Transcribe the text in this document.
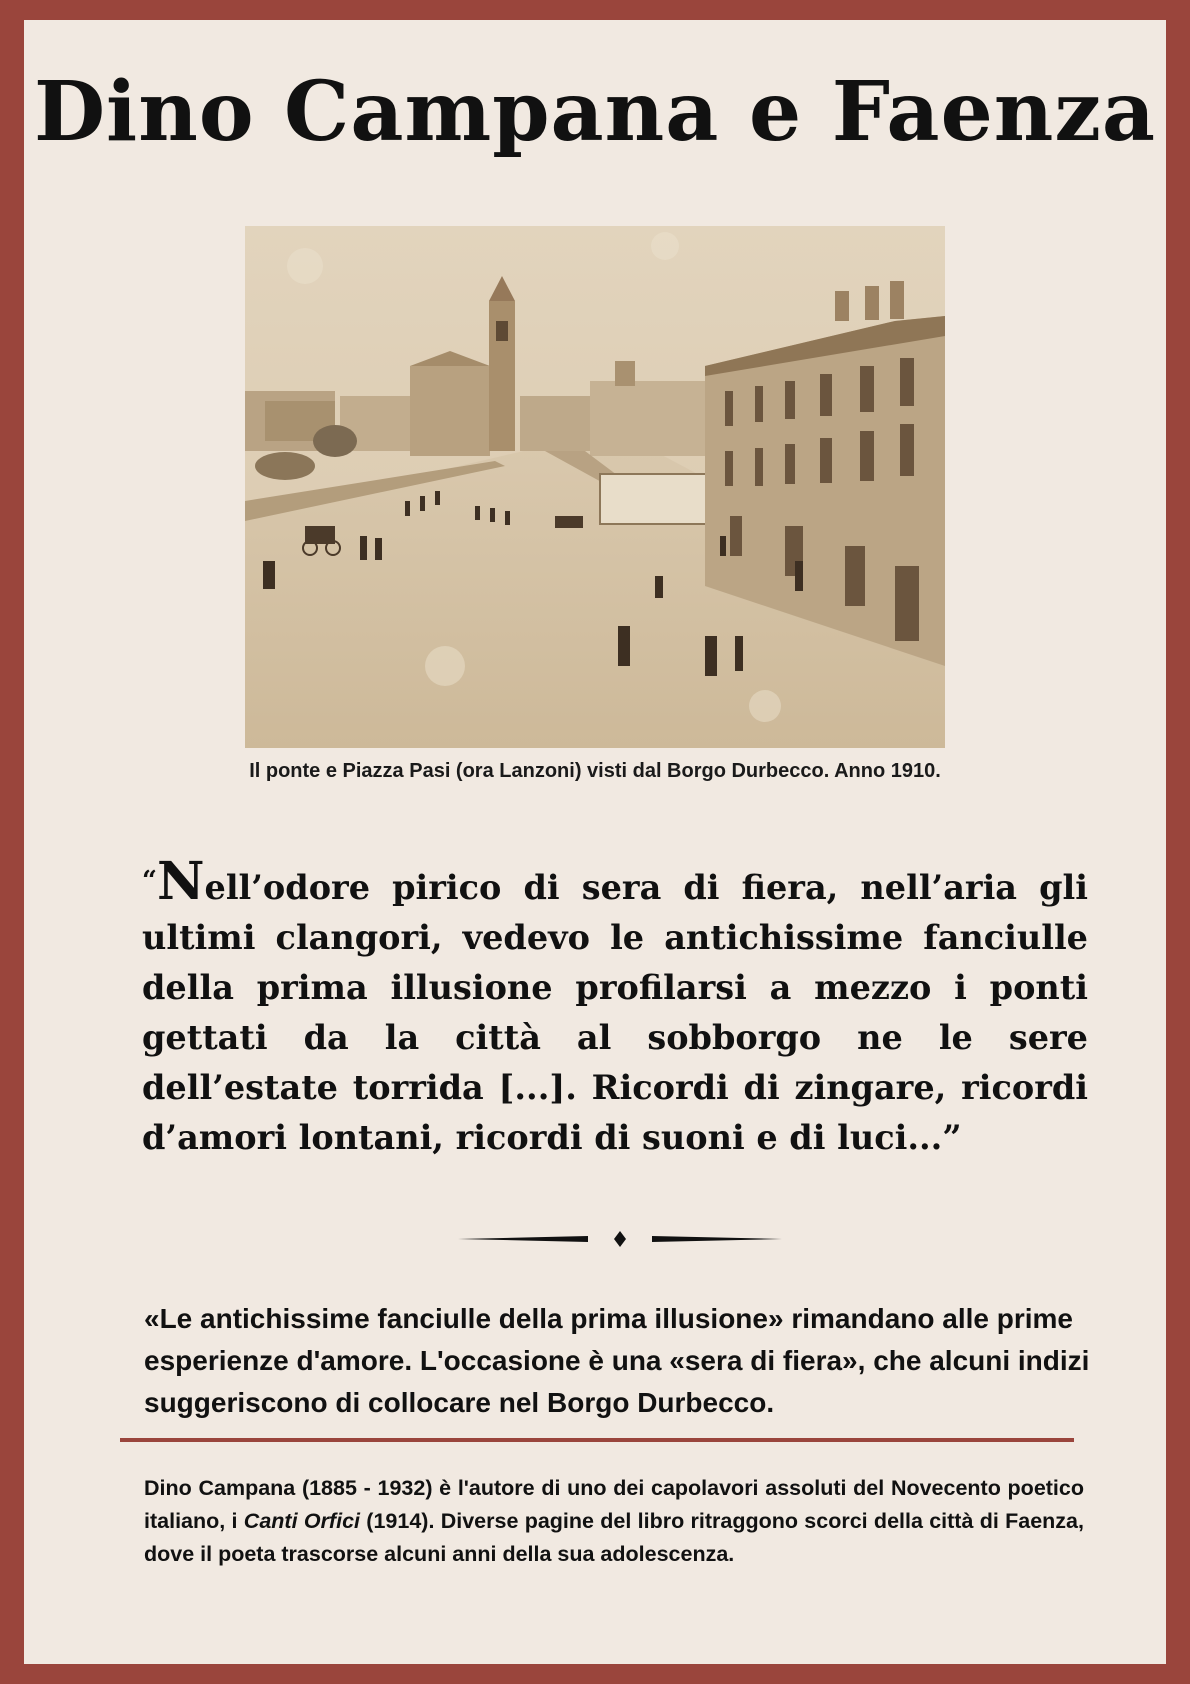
Dino Campana e Faenza

Il ponte e Piazza Pasi (ora Lanzoni) visti dal Borgo Durbecco. Anno 1910.

“Nell’odore pirico di sera di fiera, nell’aria gli ultimi clangori, vedevo le antichissime fanciulle della prima illusione profilarsi a mezzo i ponti gettati da la città al sobborgo ne le sere dell’estate torrida [...]. Ricordi di zingare, ricordi d’amori lontani, ricordi di suoni e di luci...”

«Le antichissime fanciulle della prima illusione» rimandano alle prime esperienze d'amore. L'occasione è una «sera di fiera», che alcuni indizi suggeriscono di collocare nel Borgo Durbecco.

Dino Campana (1885 - 1932) è l'autore di uno dei capolavori assoluti del Novecento poetico italiano, i Canti Orfici (1914). Diverse pagine del libro ritraggono scorci della città di Faenza, dove il poeta trascorse alcuni anni della sua adolescenza.
